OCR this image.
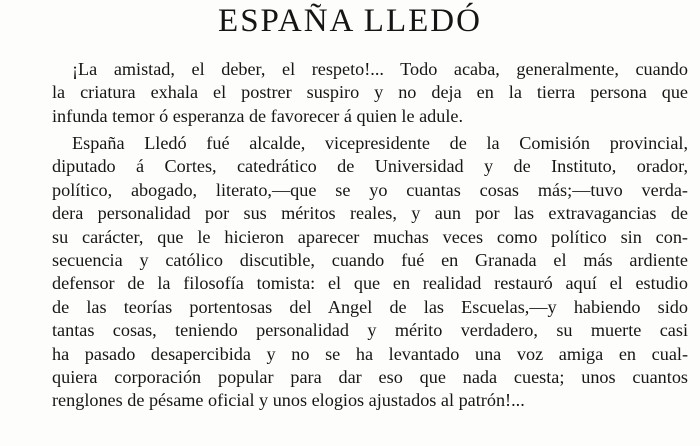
ESPAÑA LLEDÓ
¡La amistad, el deber, el respeto!... Todo acaba, generalmente, cuando
la criatura exhala el postrer suspiro y no deja en la tierra persona que
infunda temor ó esperanza de favorecer á quien le adule.
España Lledó fué alcalde, vicepresidente de la Comisión provincial,
diputado á Cortes, catedrático de Universidad y de Instituto, orador,
político, abogado, literato,—que se yo cuantas cosas más;—tuvo verda-
dera personalidad por sus méritos reales, y aun por las extravagancias de
su carácter, que le hicieron aparecer muchas veces como político sin con-
secuencia y católico discutible, cuando fué en Granada el más ardiente
defensor de la filosofía tomista: el que en realidad restauró aquí el estudio
de las teorías portentosas del Angel de las Escuelas,—y habiendo sido
tantas cosas, teniendo personalidad y mérito verdadero, su muerte casi
ha pasado desapercibida y no se ha levantado una voz amiga en cual-
quiera corporación popular para dar eso que nada cuesta; unos cuantos
renglones de pésame oficial y unos elogios ajustados al patrón!...
